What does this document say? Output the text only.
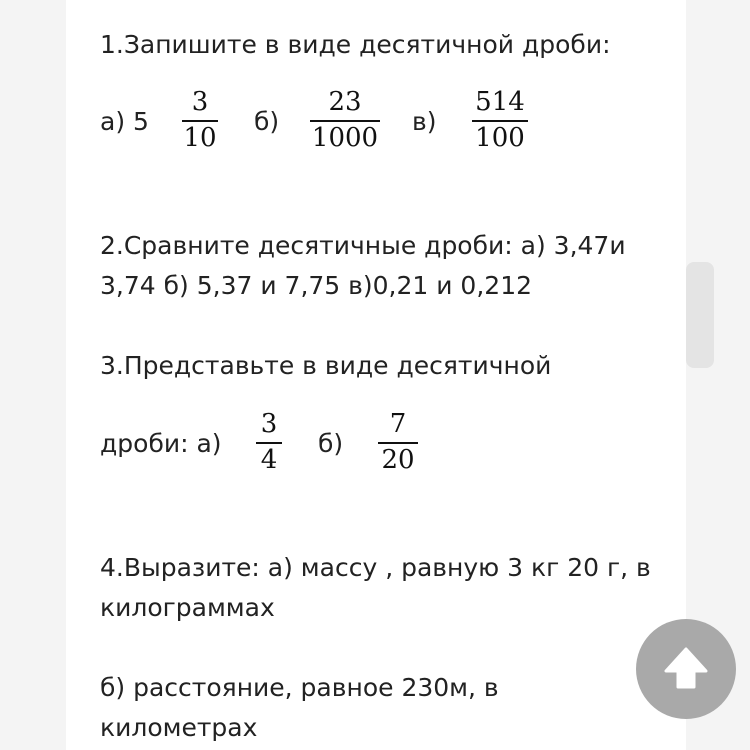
1.Запишите в виде десятичной дроби:
а) 5
3
10
б)
23
1000
в)
514
100
2.Сравните десятичные дроби: а) 3,47и
3,74 б) 5,37 и 7,75 в)0,21 и 0,212
3.Представьте в виде десятичной
дроби: а)
3
4
б)
7
20
4.Выразите: а) массу , равную 3 кг 20 г, в
килограммах
б) расстояние, равное 230м, в
километрах
